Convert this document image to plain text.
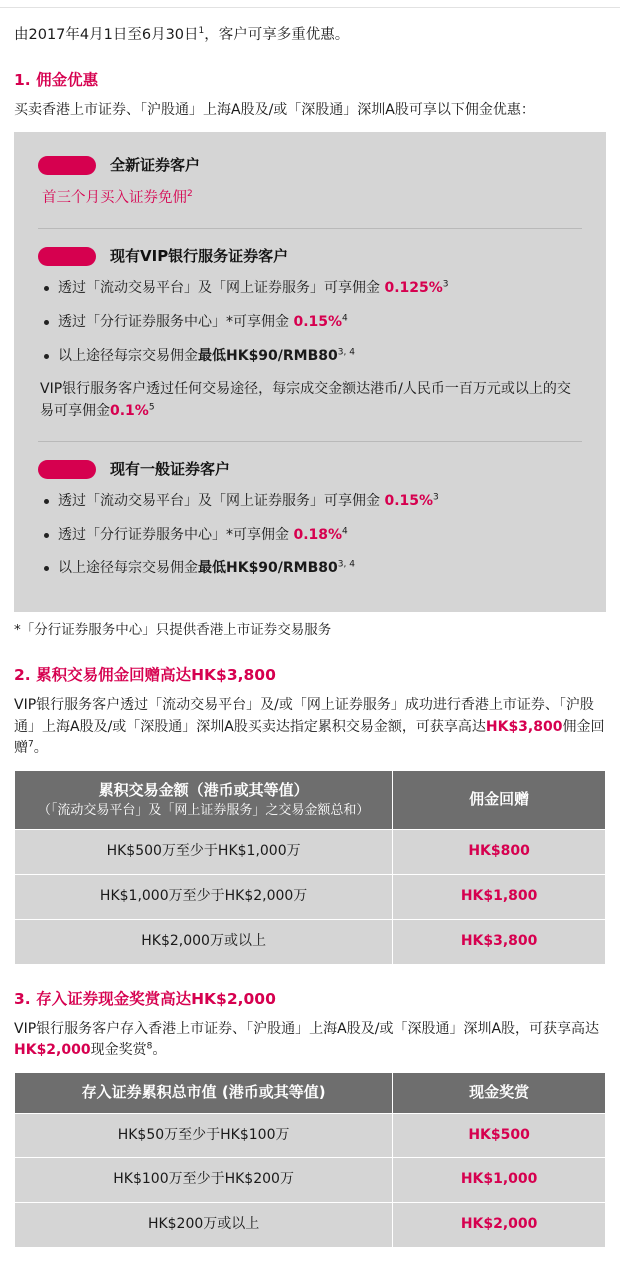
由2017年4月1日至6月30日$^1$，客户可享多重优惠。

1. 佣金优惠

买卖香港上市证券、「沪股通」上海A股及/或「深股通」深圳A股可享以下佣金优惠：

全新证券客户

首三个月买入证券免佣$^2$

现有VIP银行服务证券客户
透过「流动交易平台」及「网上证券服务」可享佣金 0.125%$^3$
透过「分行证券服务中心」*可享佣金 0.15%$^4$
以上途径每宗交易佣金最低HK$90/RMB80$^{3, 4}$

VIP银行服务客户透过任何交易途径，每宗成交金额达港币/人民币一百万元或以上的交易可享佣金0.1%$^5$

现有一般证券客户
透过「流动交易平台」及「网上证券服务」可享佣金 0.15%$^3$
透过「分行证券服务中心」*可享佣金 0.18%$^4$
以上途径每宗交易佣金最低HK$90/RMB80$^{3, 4}$

*「分行证券服务中心」只提供香港上市证券交易服务

2. 累积交易佣金回赠高达HK$3,800

VIP银行服务客户透过「流动交易平台」及/或「网上证券服务」成功进行香港上市证券、「沪股通」上海A股及/或「深股通」深圳A股买卖达指定累积交易金额，可获享高达HK$3,800佣金回赠$^7$。

累积交易金额（港币或其等值）
（「流动交易平台」及「网上证券服务」之交易金额总和）	佣金回赠
HK$500万至少于HK$1,000万	HK$800
HK$1,000万至少于HK$2,000万	HK$1,800
HK$2,000万或以上	HK$3,800
3. 存入证券现金奖赏高达HK$2,000

VIP银行服务客户存入香港上市证券、「沪股通」上海A股及/或「深股通」深圳A股，可获享高达HK$2,000现金奖赏$^8$。

存入证券累积总市值 (港币或其等值)	现金奖赏
HK$50万至少于HK$100万	HK$500
HK$100万至少于HK$200万	HK$1,000
HK$200万或以上	HK$2,000
